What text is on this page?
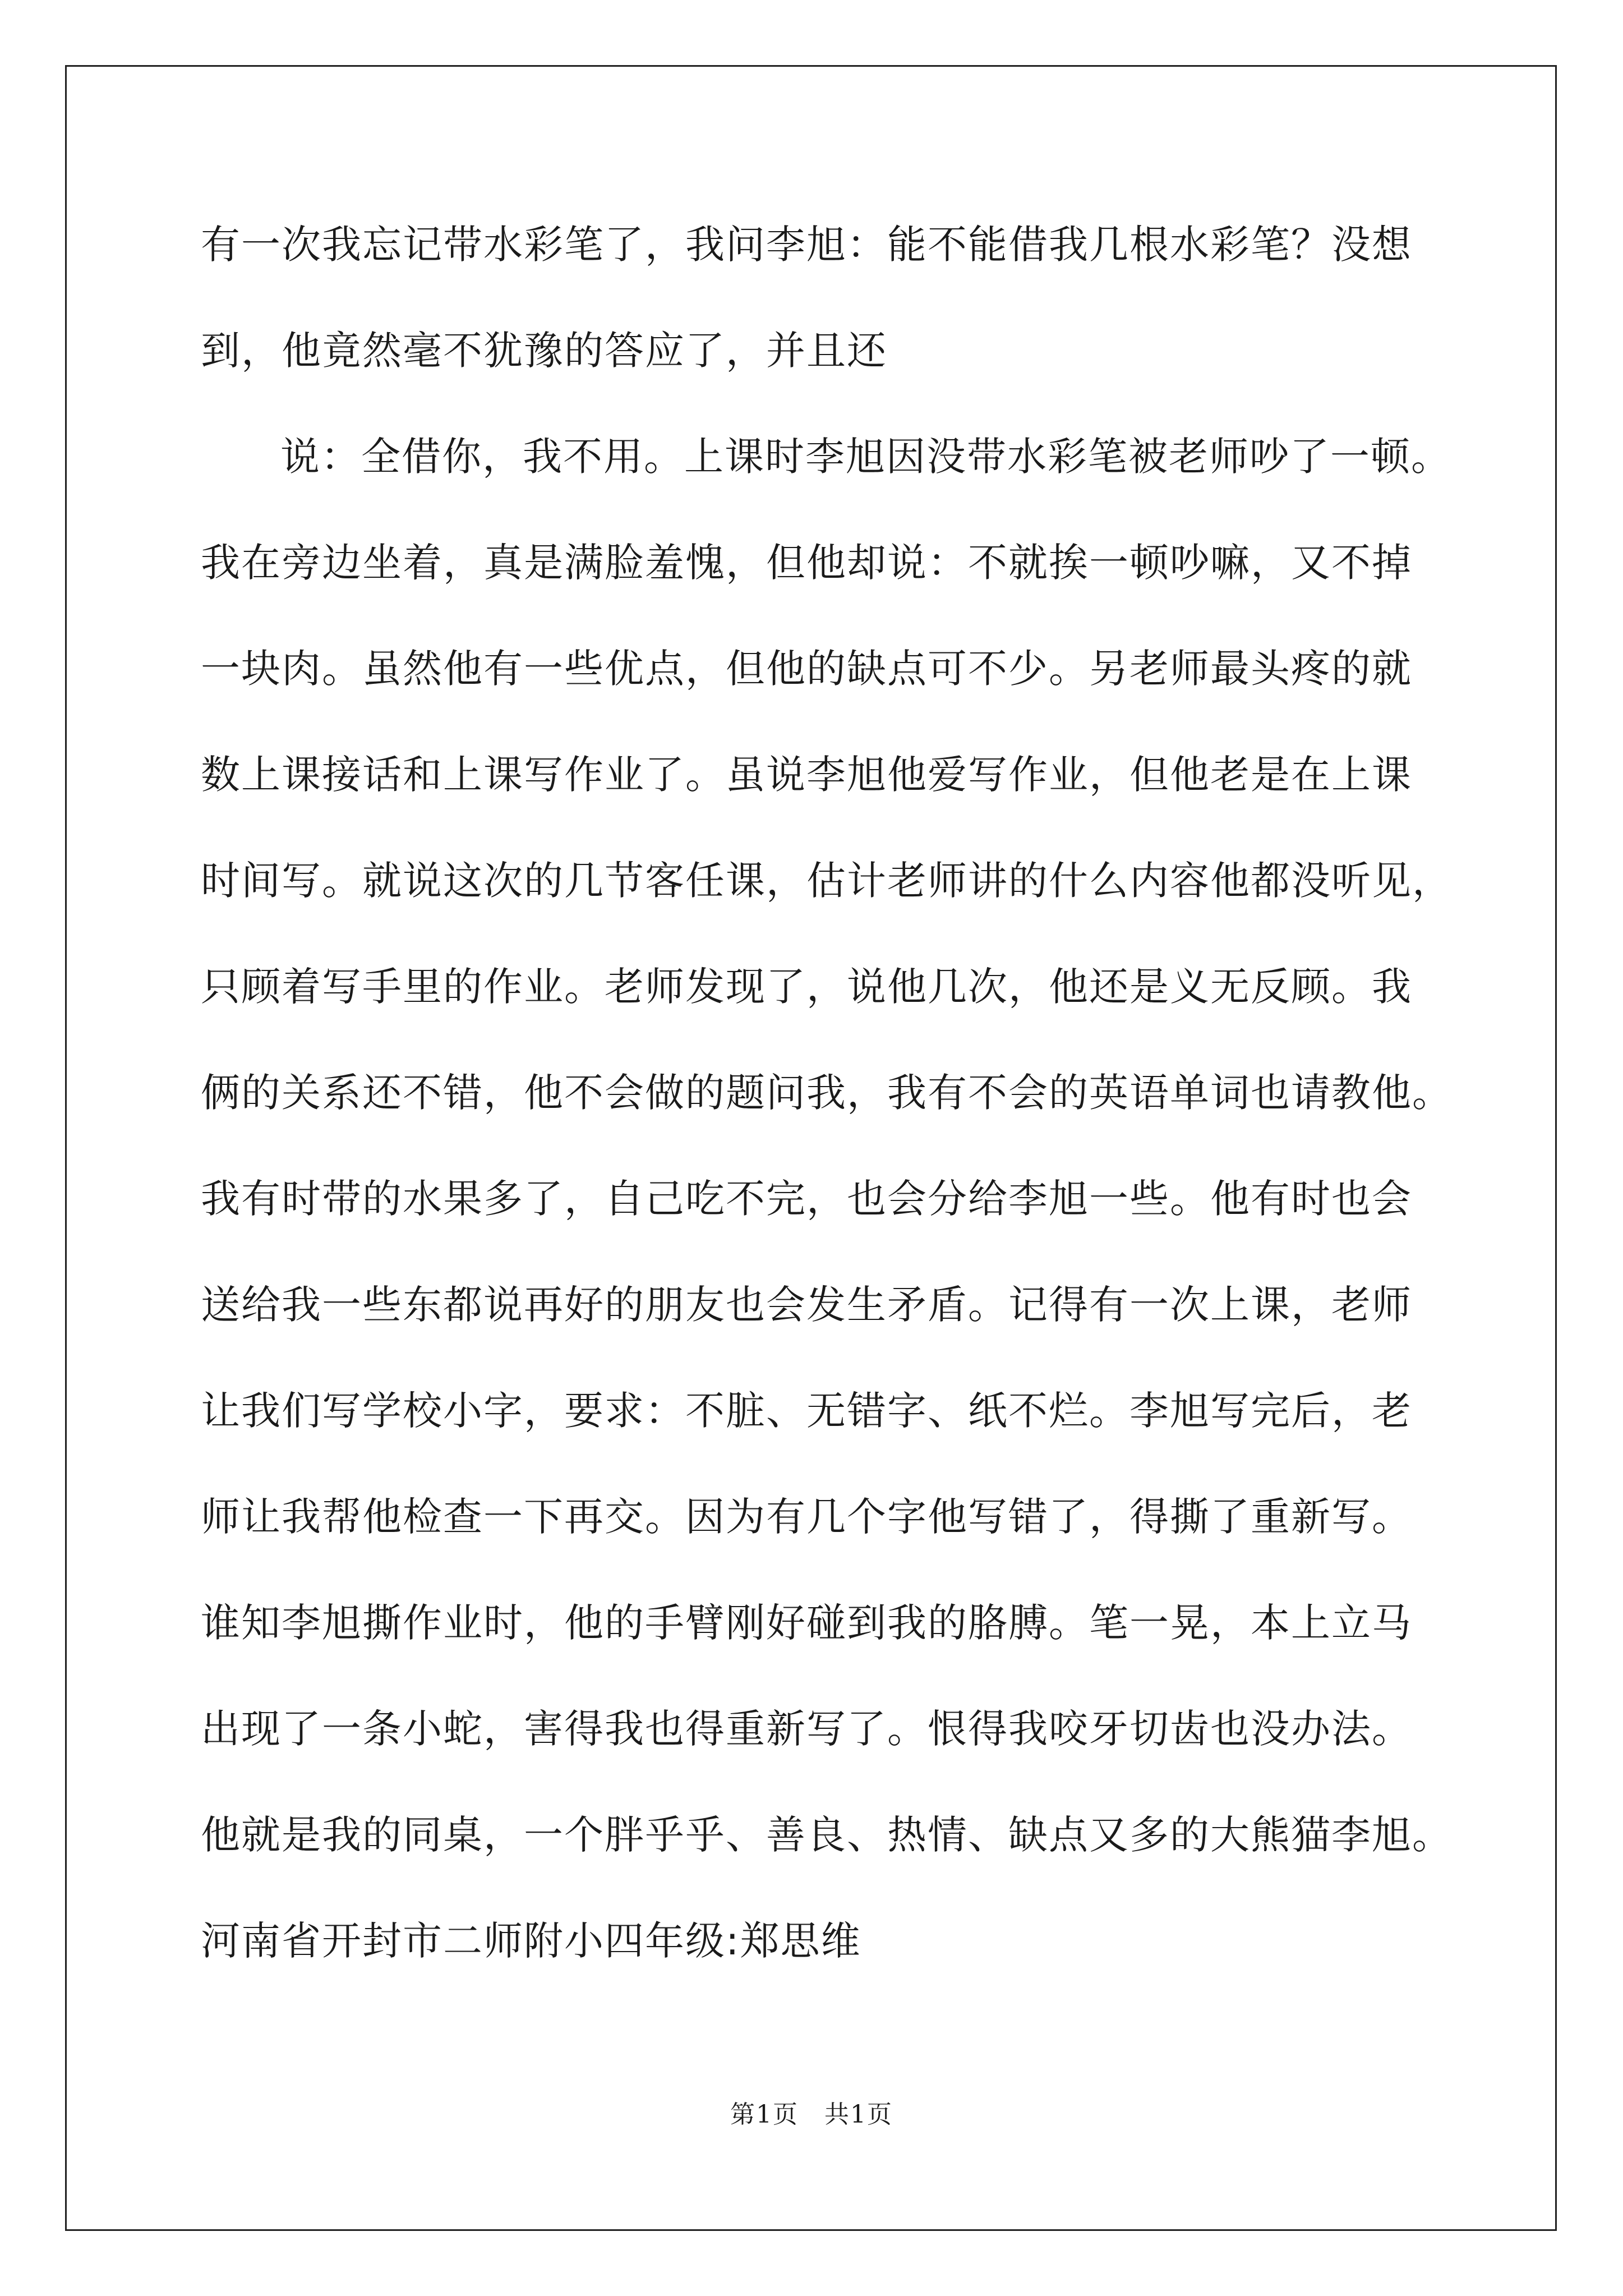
有一次我忘记带水彩笔了，我问李旭：能不能借我几根水彩笔？没想
到，他竟然毫不犹豫的答应了，并且还
说：全借你，我不用。上课时李旭因没带水彩笔被老师吵了一顿。
我在旁边坐着，真是满脸羞愧，但他却说：不就挨一顿吵嘛，又不掉
一块肉。虽然他有一些优点，但他的缺点可不少。另老师最头疼的就
数上课接话和上课写作业了。虽说李旭他爱写作业，但他老是在上课
时间写。就说这次的几节客任课，估计老师讲的什么内容他都没听见，
只顾着写手里的作业。老师发现了，说他几次，他还是义无反顾。我
俩的关系还不错，他不会做的题问我，我有不会的英语单词也请教他。
我有时带的水果多了，自己吃不完，也会分给李旭一些。他有时也会
送给我一些东都说再好的朋友也会发生矛盾。记得有一次上课，老师
让我们写学校小字，要求：不脏、无错字、纸不烂。李旭写完后，老
师让我帮他检查一下再交。因为有几个字他写错了，得撕了重新写。
谁知李旭撕作业时，他的手臂刚好碰到我的胳膊。笔一晃，本上立马
出现了一条小蛇，害得我也得重新写了。恨得我咬牙切齿也没办法。
他就是我的同桌，一个胖乎乎、善良、热情、缺点又多的大熊猫李旭。
河南省开封市二师附小四年级:郑思维
第1页　共1页
